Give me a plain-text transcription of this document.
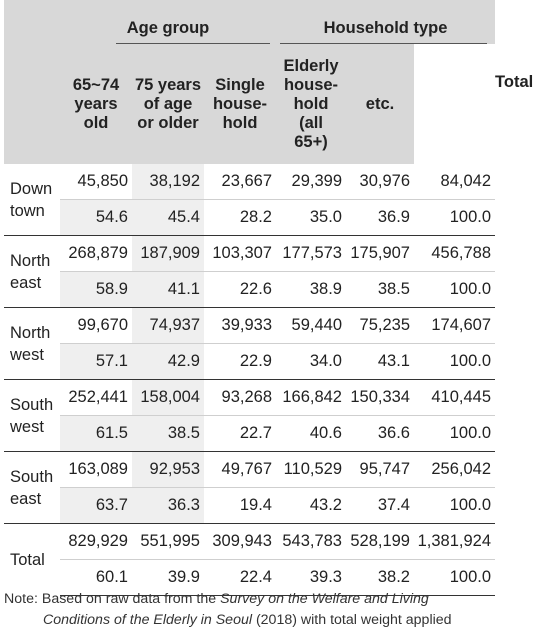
	Age group			Household type			Total

	65~74 years old	75 years of age or older	Single house-hold	Elderly house-hold (all 65+)	etc.		
Down
town	45,850	38,192	23,667	29,399	30,976	84,042	
	54.6	45.4	28.2	35.0	36.9	100.0	
North
east	268,879	187,909	103,307	177,573	175,907	456,788	
	58.9	41.1	22.6	38.9	38.5	100.0	
North
west	99,670	74,937	39,933	59,440	75,235	174,607	
	57.1	42.9	22.9	34.0	43.1	100.0	
South
west	252,441	158,004	93,268	166,842	150,334	410,445	
	61.5	38.5	22.7	40.6	36.6	100.0	
South
east	163,089	92,953	49,767	110,529	95,747	256,042	
	63.7	36.3	19.4	43.2	37.4	100.0	
Total	829,929	551,995	309,943	543,783	528,199	1,381,924	
	60.1	39.9	22.4	39.3	38.2	100.0	
Note: Based on raw data from the Survey on the Welfare and Living
Conditions of the Elderly in Seoul (2018) with total weight applied
